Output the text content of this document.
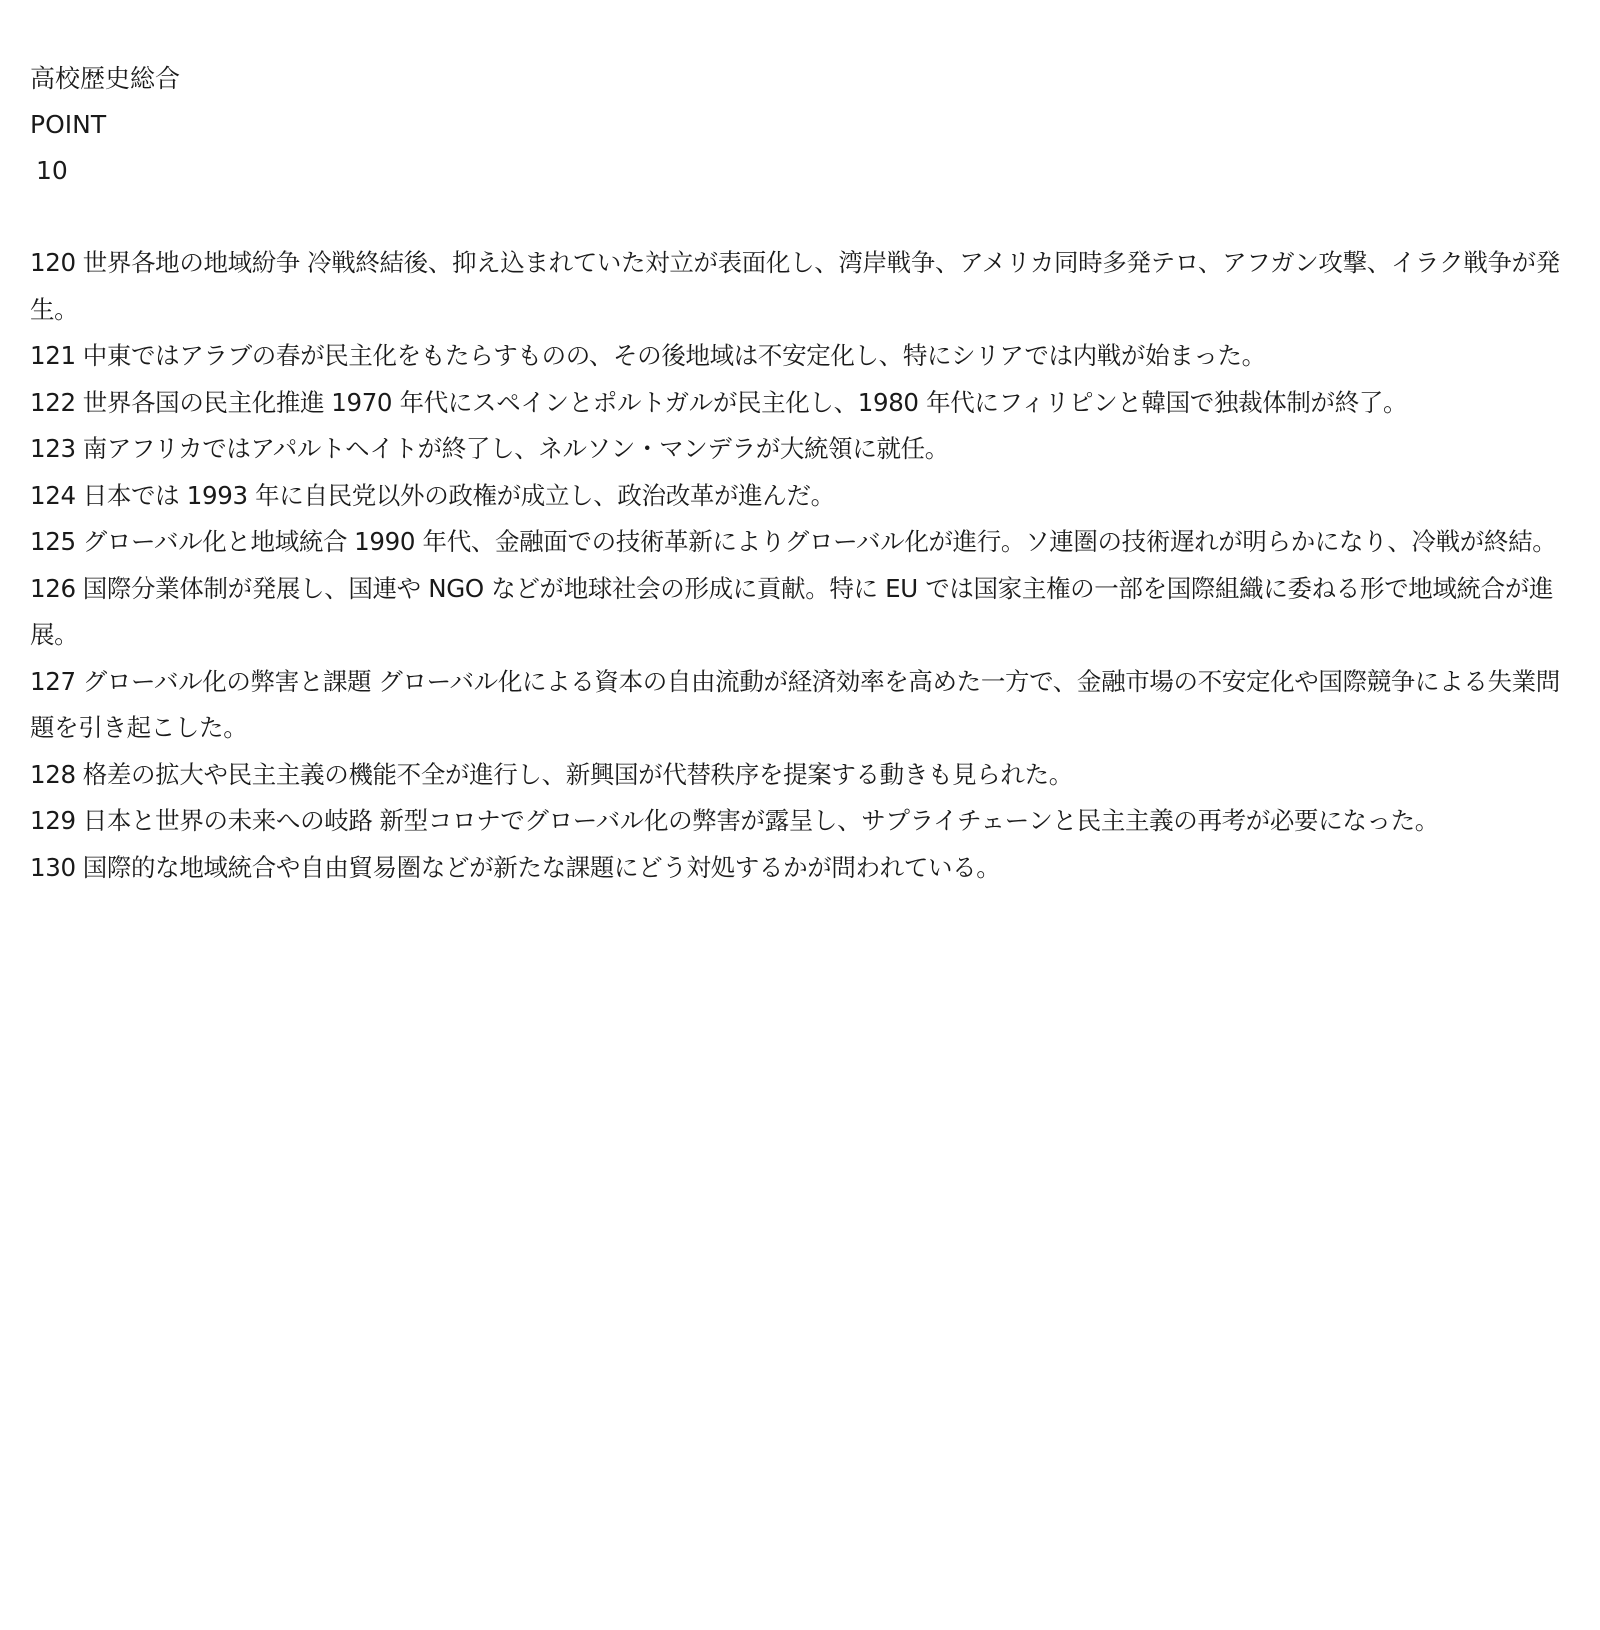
高校歴史総合
POINT
10
120 世界各地の地域紛争 冷戦終結後、抑え込まれていた対立が表面化し、湾岸戦争、アメリカ同時多発テロ、アフガン攻撃、イラク戦争が発生。
121 中東ではアラブの春が民主化をもたらすものの、その後地域は不安定化し、特にシリアでは内戦が始まった。
122 世界各国の民主化推進 1970 年代にスペインとポルトガルが民主化し、1980 年代にフィリピンと韓国で独裁体制が終了。
123 南アフリカではアパルトヘイトが終了し、ネルソン・マンデラが大統領に就任。
124 日本では 1993 年に自民党以外の政権が成立し、政治改革が進んだ。
125 グローバル化と地域統合 1990 年代、金融面での技術革新によりグローバル化が進行。ソ連圏の技術遅れが明らかになり、冷戦が終結。
126 国際分業体制が発展し、国連や NGO などが地球社会の形成に貢献。特に EU では国家主権の一部を国際組織に委ねる形で地域統合が進展。
127 グローバル化の弊害と課題 グローバル化による資本の自由流動が経済効率を高めた一方で、金融市場の不安定化や国際競争による失業問題を引き起こした。
128 格差の拡大や民主主義の機能不全が進行し、新興国が代替秩序を提案する動きも見られた。
129 日本と世界の未来への岐路 新型コロナでグローバル化の弊害が露呈し、サプライチェーンと民主主義の再考が必要になった。
130 国際的な地域統合や自由貿易圏などが新たな課題にどう対処するかが問われている。
